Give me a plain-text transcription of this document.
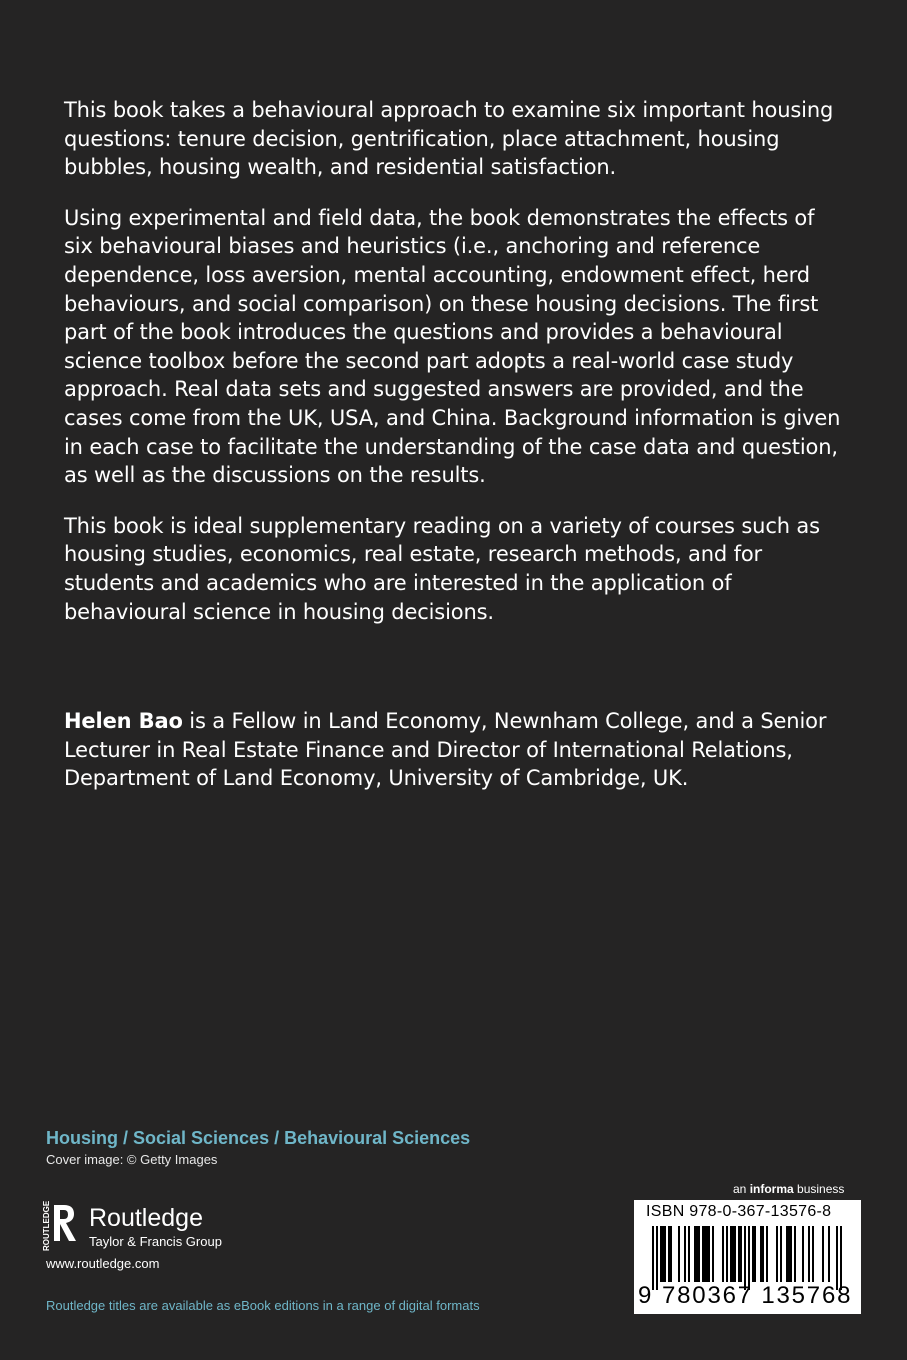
This book takes a behavioural approach to examine six important housing questions: tenure decision, gentrification, place attachment, housing bubbles, housing wealth, and residential satisfaction.

Using experimental and field data, the book demonstrates the effects of six behavioural biases and heuristics (i.e., anchoring and reference dependence, loss aversion, mental accounting, endowment effect, herd behaviours, and social comparison) on these housing decisions. The first part of the book introduces the questions and provides a behavioural science toolbox before the second part adopts a real-world case study approach. Real data sets and suggested answers are provided, and the cases come from the UK, USA, and China. Background information is given in each case to facilitate the understanding of the case data and question, as well as the discussions on the results.

This book is ideal supplementary reading on a variety of courses such as housing studies, economics, real estate, research methods, and for students and academics who are interested in the application of behavioural science in housing decisions.

Helen Bao is a Fellow in Land Economy, Newnham College, and a Senior Lecturer in Real Estate Finance and Director of International Relations, Department of Land Economy, University of Cambridge, UK.

Housing / Social Sciences / Behavioural Sciences
Cover image: © Getty Images
ROUTLEDGE Routledge
Taylor & Francis Group
www.routledge.com
Routledge titles are available as eBook editions in a range of digital formats
an informa business
ISBN 978-0-367-13576-8
9 780367 135768
